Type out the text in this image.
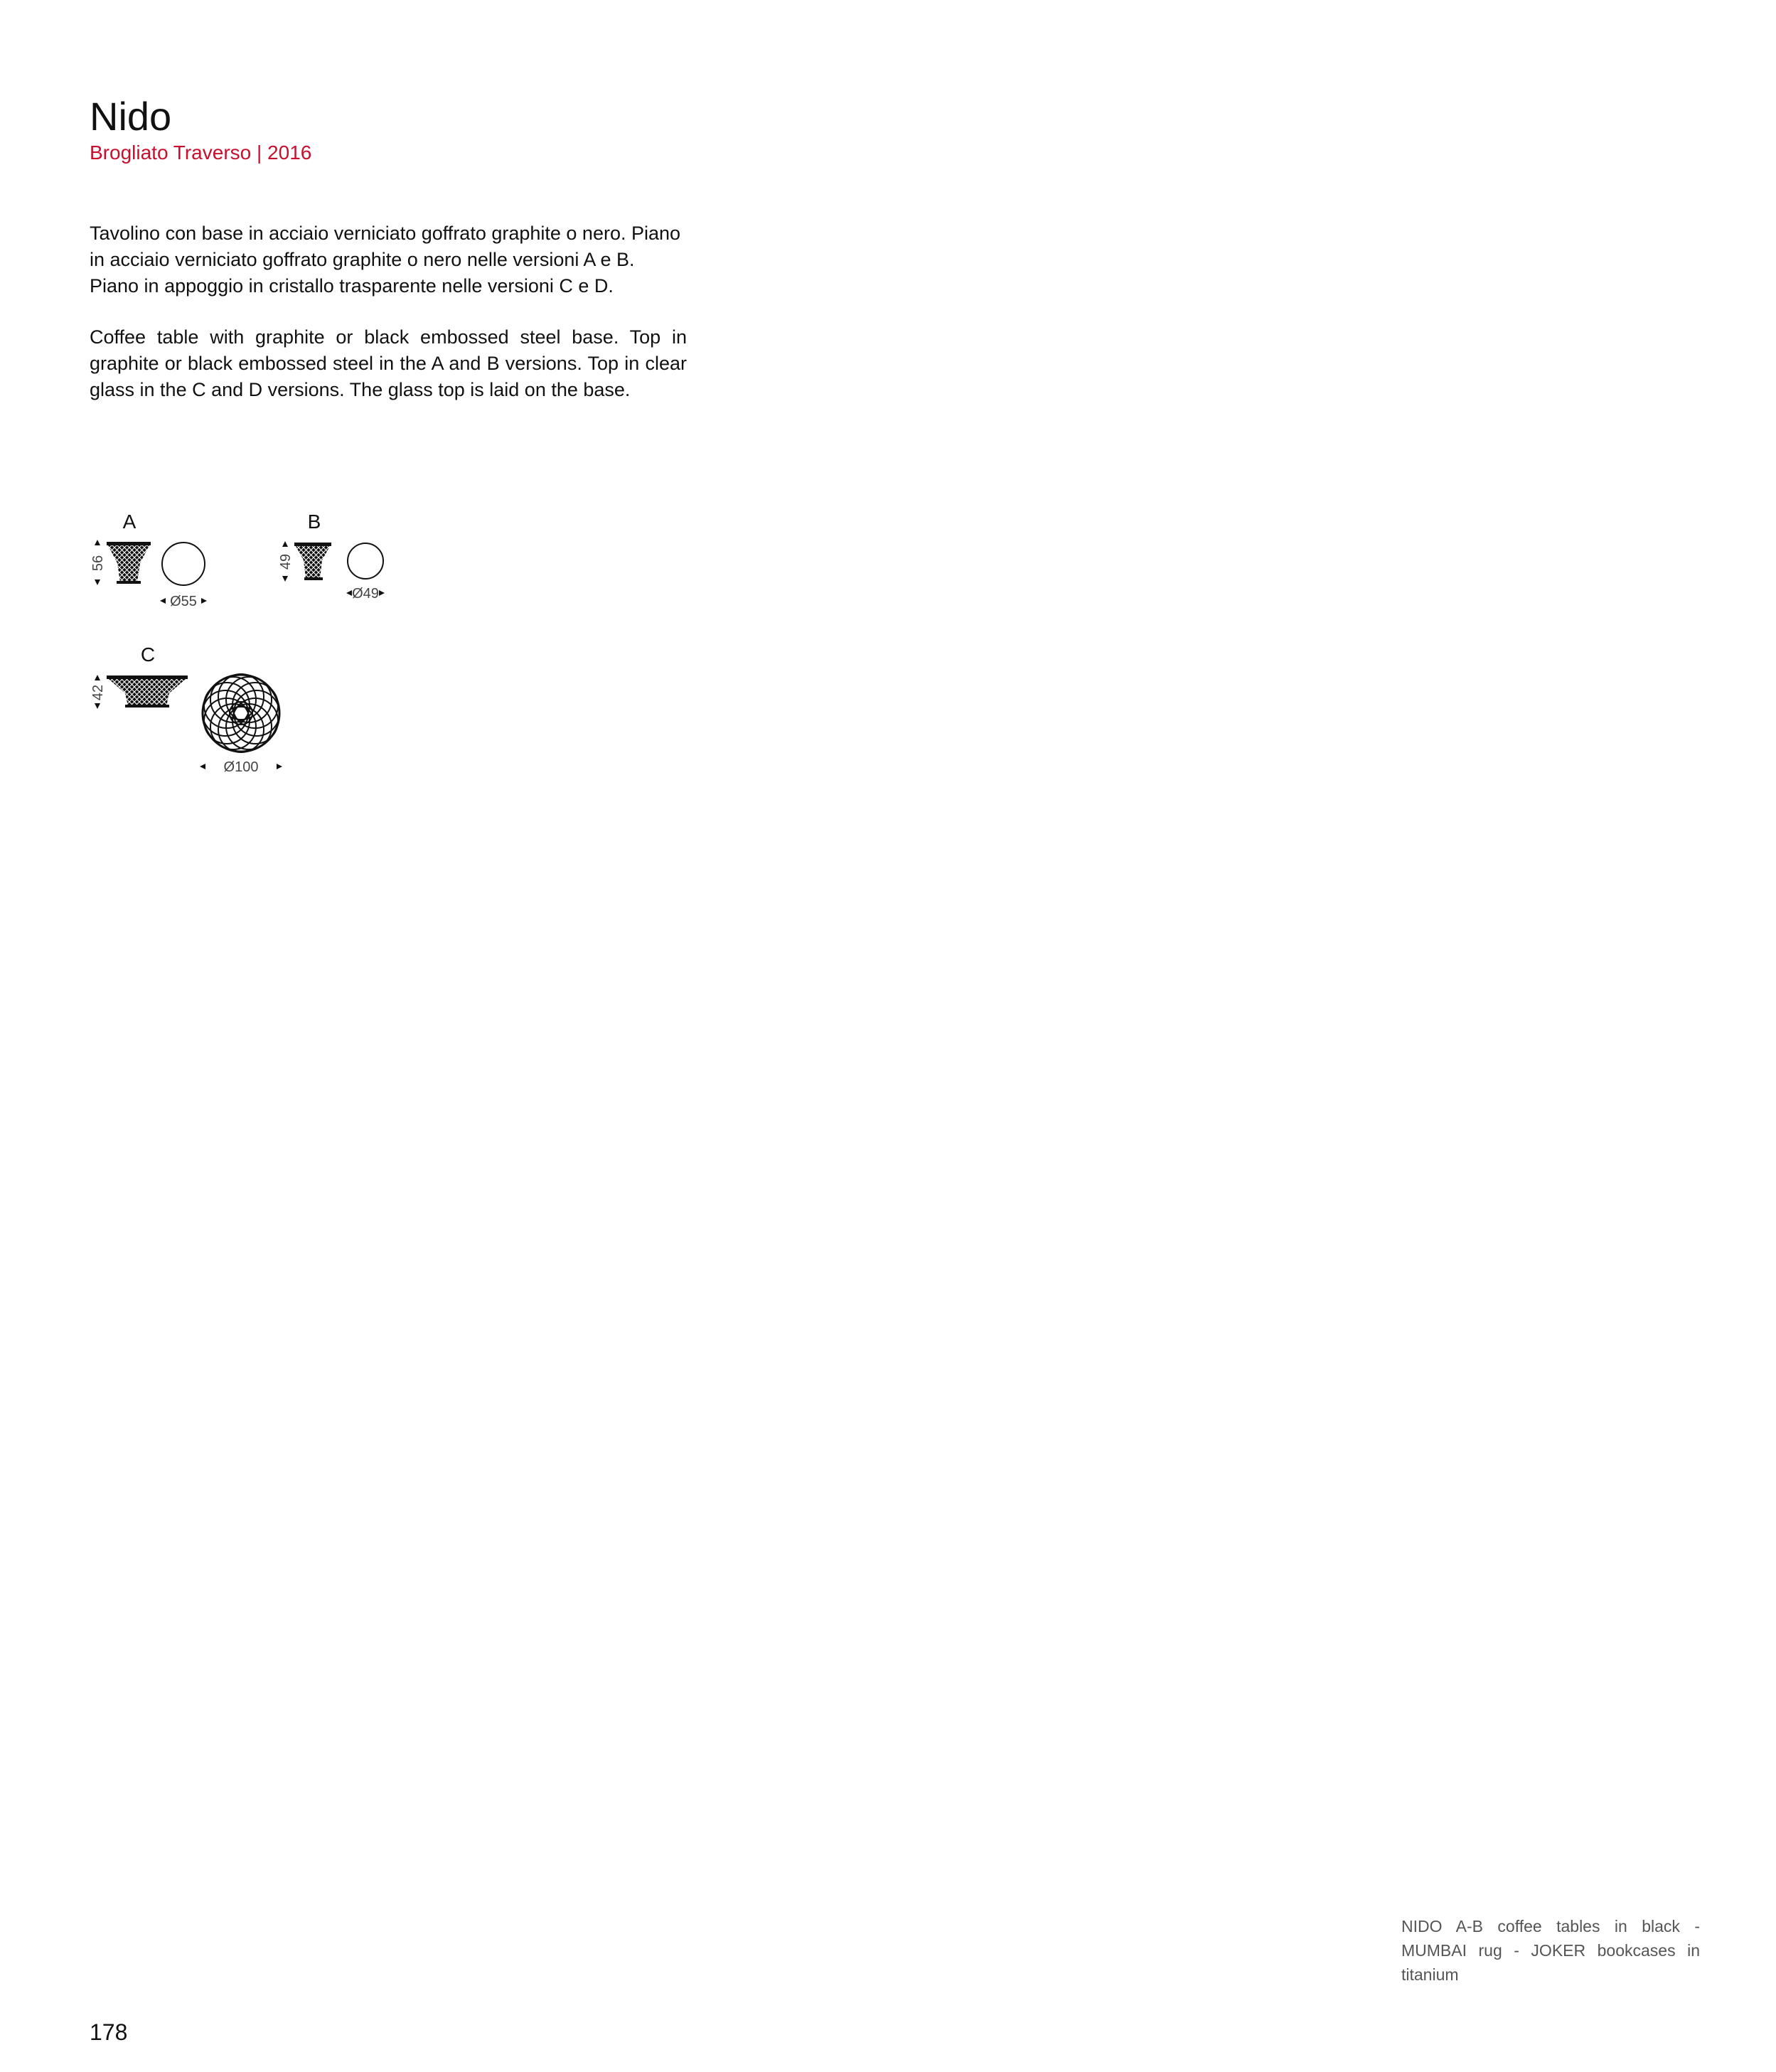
Nido
Brogliato Traverso | 2016

Tavolino con base in acciaio verniciato goffrato graphite o nero. Piano in acciaio verniciato goffrato graphite o nero nelle versioni A e B. Piano in appoggio in cristallo trasparente nelle versioni C e D.

Coffee table with graphite or black embossed steel base. Top in graphite or black embossed steel in the A and B versions. Top in clear glass in the C and D versions. The glass top is laid on the base.

A
56
Ø55
B
49
Ø49
C
42
Ø100

NIDO A-B coffee tables in black - MUMBAI rug - JOKER bookcases in titanium

178
